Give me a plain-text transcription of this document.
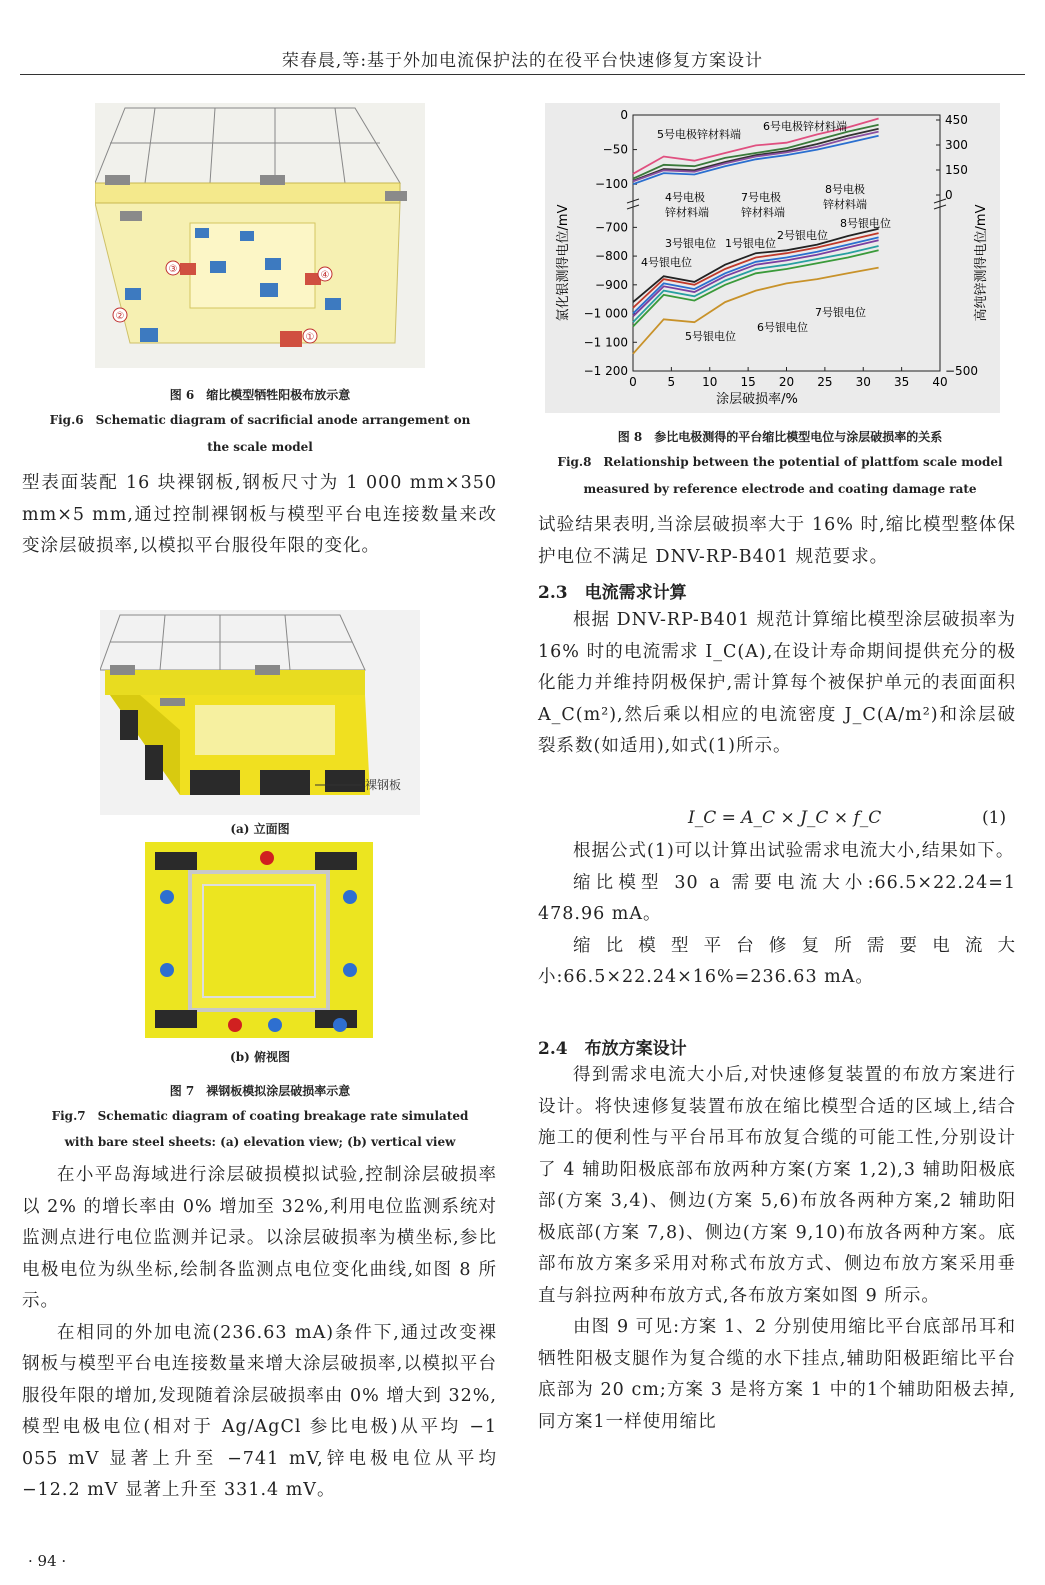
荣春晨,等:基于外加电流保护法的在役平台快速修复方案设计
①
②
③
④
图 6　缩比模型牺牲阳极布放示意
Fig.6　Schematic diagram of sacrificial anode arrangement on
the scale model

型表面装配 16 块裸钢板,钢板尺寸为 1 000 mm×350 mm×5 mm,通过控制裸钢板与模型平台电连接数量来改变涂层破损率,以模拟平台服役年限的变化。

裸钢板
(a) 立面图
(b) 俯视图
图 7　裸钢板模拟涂层破损率示意
Fig.7　Schematic diagram of coating breakage rate simulated
with bare steel sheets: (a) elevation view; (b) vertical view

在小平岛海域进行涂层破损模拟试验,控制涂层破损率以 2% 的增长率由 0% 增加至 32%,利用电位监测系统对监测点进行电位监测并记录。以涂层破损率为横坐标,参比电极电位为纵坐标,绘制各监测点电位变化曲线,如图 8 所示。

在相同的外加电流(236.63 mA)条件下,通过改变裸钢板与模型平台电连接数量来增大涂层破损率,以模拟平台服役年限的增加,发现随着涂层破损率由 0% 增大到 32%,模型电极电位(相对于 Ag/AgCl 参比电极)从平均 −1 055 mV 显著上升至 −741 mV,锌电极电位从平均 −12.2 mV 显著上升至 331.4 mV。

0	5 10 15 20 25 30 35 40
0
−50
−100
−700
−800
−900
−1 000
−1 100
−1 200
450
300
150
0
−500
5号电极锌材料端
6号电极锌材料端
4号电极
锌材料端
7号电极
锌材料端
8号电极
锌材料端
8号银电位
2号银电位
3号银电位 1号银电位
4号银电位
7号银电位
6号银电位
5号银电位
涂层破损率/%
氯化银测得电位/mV	高纯锌测得电位/mV
图 8　参比电极测得的平台缩比模型电位与涂层破损率的关系
Fig.8　Relationship between the potential of plattfom scale model
measured by reference electrode and coating damage rate

试验结果表明,当涂层破损率大于 16% 时,缩比模型整体保护电位不满足 DNV-RP-B401 规范要求。

2.3　电流需求计算

根据 DNV-RP-B401 规范计算缩比模型涂层破损率为 16% 时的电流需求 I_C(A),在设计寿命期间提供充分的极化能力并维持阴极保护,需计算每个被保护单元的表面面积 A_C(m²),然后乘以相应的电流密度 J_C(A/m²)和涂层破裂系数(如适用),如式(1)所示。

I_C = A_C × J_C × f_C	(1)

根据公式(1)可以计算出试验需求电流大小,结果如下。

缩比模型 30 a 需要电流大小:66.5×22.24=1 478.96 mA。

缩比模型平台修复所需要电流大小:66.5×22.24×16%=236.63 mA。

2.4　布放方案设计

得到需求电流大小后,对快速修复装置的布放方案进行设计。将快速修复装置布放在缩比模型合适的区域上,结合施工的便利性与平台吊耳布放复合缆的可能工性,分别设计了 4 辅助阳极底部布放两种方案(方案 1,2),3 辅助阳极底部(方案 3,4)、侧边(方案 5,6)布放各两种方案,2 辅助阳极底部(方案 7,8)、侧边(方案 9,10)布放各两种方案。底部布放方案多采用对称式布放方式、侧边布放方案采用垂直与斜拉两种布放方式,各布放方案如图 9 所示。

由图 9 可见:方案 1、2 分别使用缩比平台底部吊耳和牺牲阳极支腿作为复合缆的水下挂点,辅助阳极距缩比平台底部为 20 cm;方案 3 是将方案 1 中的1个辅助阳极去掉,同方案1一样使用缩比

· 94 ·
